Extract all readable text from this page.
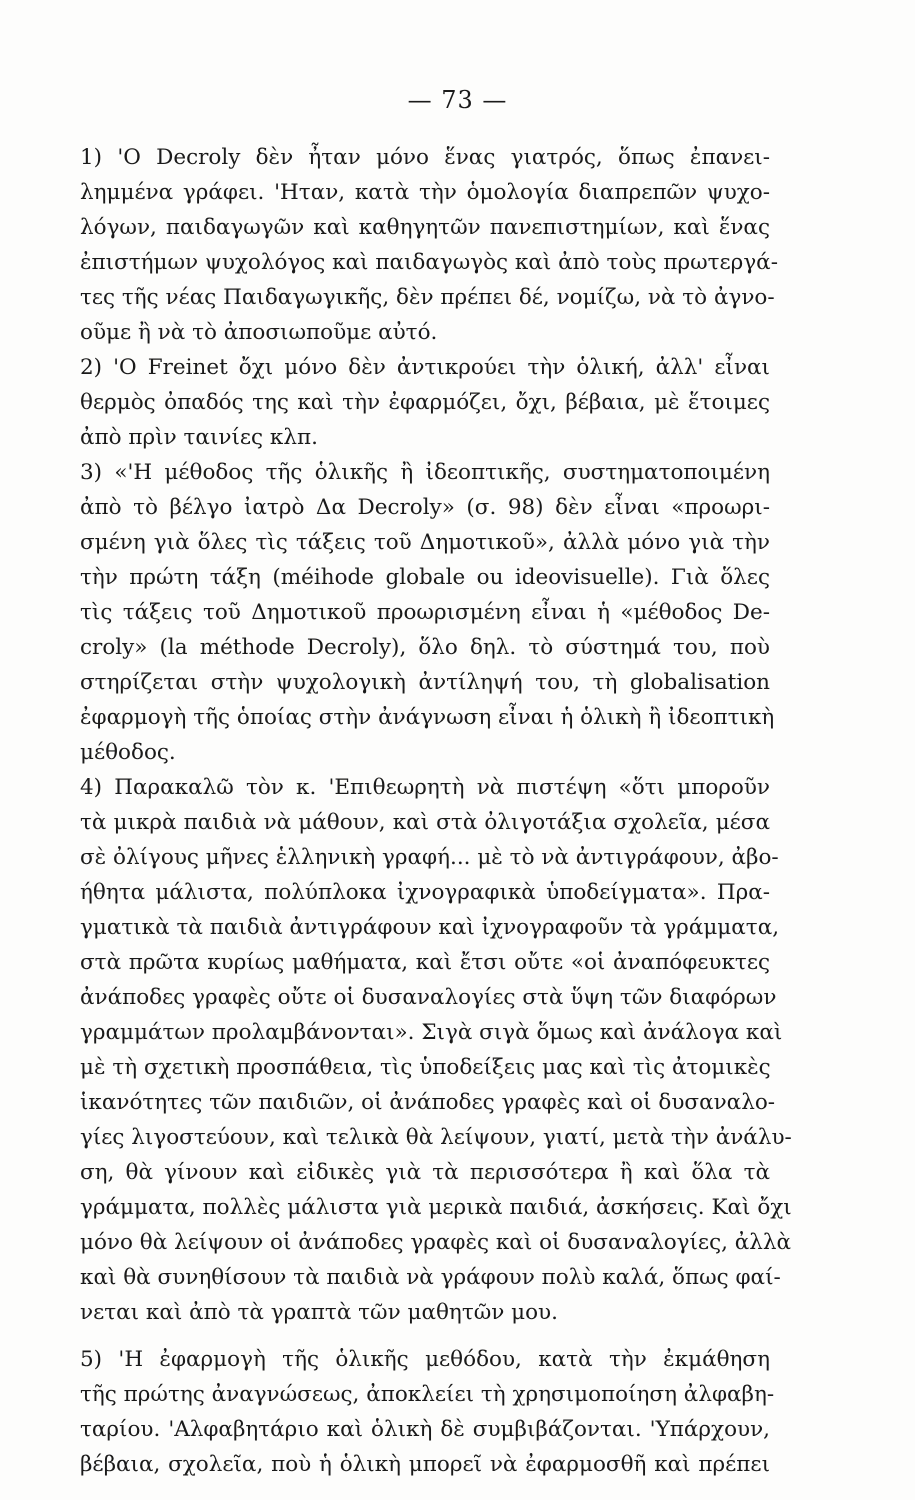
— 73 —
1) 'Ο Decroly δὲν ἦταν μόνο ἕνας γιατρός, ὅπως ἐπανει-
λημμένα γράφει. 'Ηταν, κατὰ τὴν ὁμολογία διαπρεπῶν ψυχο-
λόγων, παιδαγωγῶν καὶ καθηγητῶν πανεπιστημίων, καὶ ἕνας
ἐπιστήμων ψυχολόγος καὶ παιδαγωγὸς καὶ ἀπὸ τοὺς πρωτεργά-
τες τῆς νέας Παιδαγωγικῆς, δὲν πρέπει δέ, νομίζω, νὰ τὸ ἀγνο-
οῦμε ἢ νὰ τὸ ἀποσιωποῦμε αὐτό.
2) 'Ο Freinet ὄχι μόνο δὲν ἀντικρούει τὴν ὁλική, ἀλλ' εἶναι
θερμὸς ὀπαδός της καὶ τὴν ἐφαρμόζει, ὄχι, βέβαια, μὲ ἕτοιμες
ἀπὸ πρὶν ταινίες κλπ.
3) «'Η μέθοδος τῆς ὁλικῆς ἢ ἰδεοπτικῆς, συστηματοποιμένη
ἀπὸ τὸ βέλγο ἰατρὸ Δα Decroly» (σ. 98) δὲν εἶναι «προωρι-
σμένη γιὰ ὅλες τὶς τάξεις τοῦ Δημοτικοῦ», ἀλλὰ μόνο γιὰ τὴν
τὴν πρώτη τάξη (méihode globale ou ideovisuelle). Γιὰ ὅλες
τὶς τάξεις τοῦ Δημοτικοῦ προωρισμένη εἶναι ἡ «μέθοδος De-
croly» (la méthode Decroly), ὅλο δηλ. τὸ σύστημά του, ποὺ
στηρίζεται στὴν ψυχολογικὴ ἀντίληψή του, τὴ globalisation
ἐφαρμογὴ τῆς ὁποίας στὴν ἀνάγνωση εἶναι ἡ ὁλικὴ ἢ ἰδεοπτικὴ
μέθοδος.
4) Παρακαλῶ τὸν κ. 'Επιθεωρητὴ νὰ πιστέψη «ὅτι μποροῦν
τὰ μικρὰ παιδιὰ νὰ μάθουν, καὶ στὰ ὀλιγοτάξια σχολεῖα, μέσα
σὲ ὀλίγους μῆνες ἑλληνικὴ γραφή... μὲ τὸ νὰ ἀντιγράφουν, ἀβο-
ήθητα μάλιστα, πολύπλοκα ἰχνογραφικὰ ὑποδείγματα». Πρα-
γματικὰ τὰ παιδιὰ ἀντιγράφουν καὶ ἰχνογραφοῦν τὰ γράμματα,
στὰ πρῶτα κυρίως μαθήματα, καὶ ἔτσι οὔτε «οἱ ἀναπόφευκτες
ἀνάποδες γραφὲς οὔτε οἱ δυσαναλογίες στὰ ὕψη τῶν διαφόρων
γραμμάτων προλαμβάνονται». Σιγὰ σιγὰ ὅμως καὶ ἀνάλογα καὶ
μὲ τὴ σχετικὴ προσπάθεια, τὶς ὑποδείξεις μας καὶ τὶς ἀτομικὲς
ἱκανότητες τῶν παιδιῶν, οἱ ἀνάποδες γραφὲς καὶ οἱ δυσαναλο-
γίες λιγοστεύουν, καὶ τελικὰ θὰ λείψουν, γιατί, μετὰ τὴν ἀνάλυ-
ση, θὰ γίνουν καὶ εἰδικὲς γιὰ τὰ περισσότερα ἢ καὶ ὅλα τὰ
γράμματα, πολλὲς μάλιστα γιὰ μερικὰ παιδιά, ἀσκήσεις. Καὶ ὄχι
μόνο θὰ λείψουν οἱ ἀνάποδες γραφὲς καὶ οἱ δυσαναλογίες, ἀλλὰ
καὶ θὰ συνηθίσουν τὰ παιδιὰ νὰ γράφουν πολὺ καλά, ὅπως φαί-
νεται καὶ ἀπὸ τὰ γραπτὰ τῶν μαθητῶν μου.
5) 'Η ἐφαρμογὴ τῆς ὁλικῆς μεθόδου, κατὰ τὴν ἐκμάθηση
τῆς πρώτης ἀναγνώσεως, ἀποκλείει τὴ χρησιμοποίηση ἀλφαβη-
ταρίου. 'Αλφαβητάριο καὶ ὁλικὴ δὲ συμβιβάζονται. 'Υπάρχουν,
βέβαια, σχολεῖα, ποὺ ἡ ὁλικὴ μπορεῖ νὰ ἐφαρμοσθῆ καὶ πρέπει
